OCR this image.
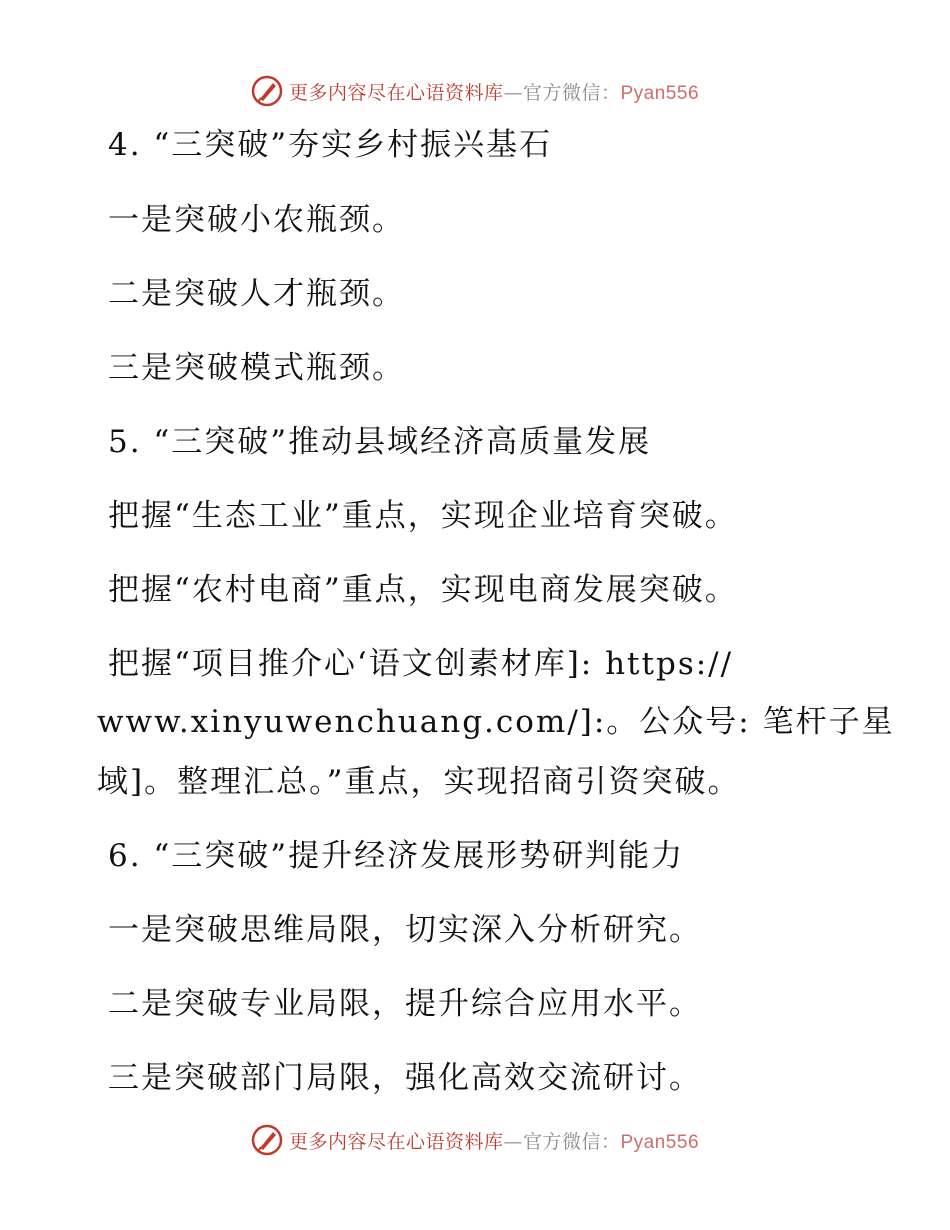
更多内容尽在心语资料库—官方微信：Pyan556
4. “三突破”夯实乡村振兴基石
一是突破小农瓶颈。
二是突破人才瓶颈。
三是突破模式瓶颈。
5. “三突破”推动县域经济高质量发展
把握“生态工业”重点，实现企业培育突破。
把握“农村电商”重点，实现电商发展突破。
把握“项目推介心‘语文创素材库]: https://
www.xinyuwenchuang.com/]:。公众号: 笔杆子星
域]。整理汇总。”重点，实现招商引资突破。
6. “三突破”提升经济发展形势研判能力
一是突破思维局限，切实深入分析研究。
二是突破专业局限，提升综合应用水平。
三是突破部门局限，强化高效交流研讨。
更多内容尽在心语资料库—官方微信：Pyan556
